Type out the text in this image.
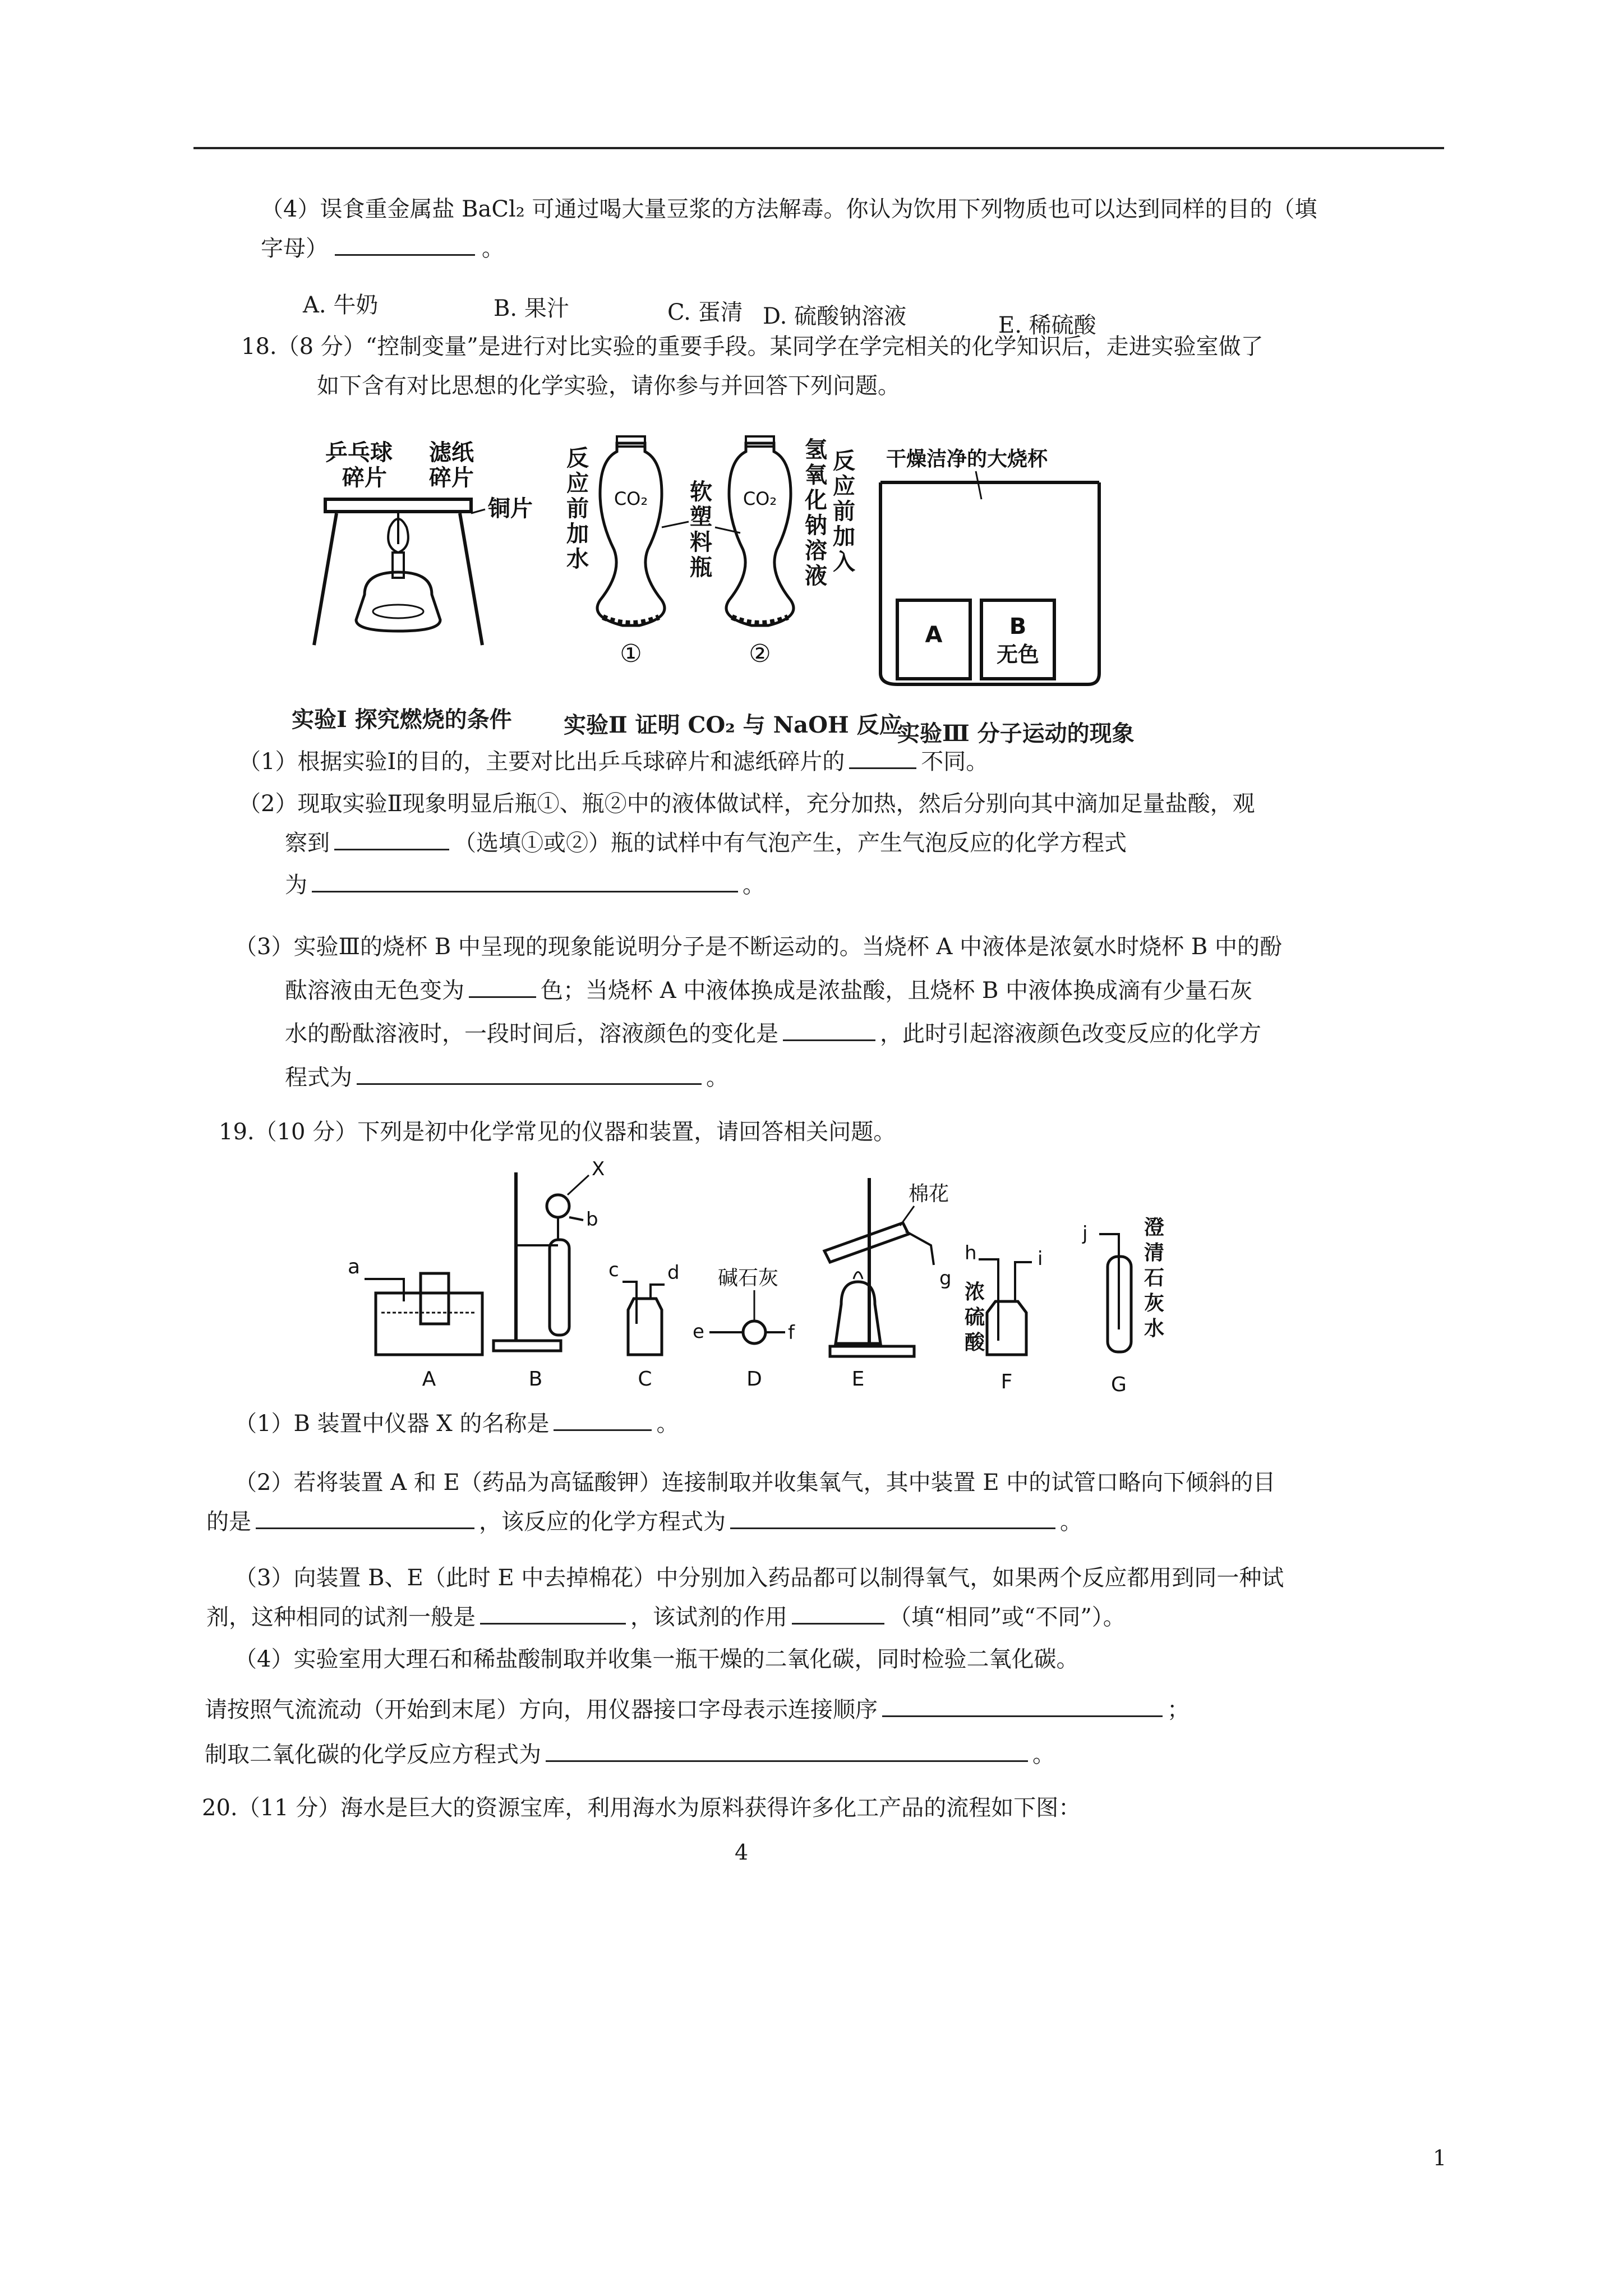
（4）误食重金属盐 BaCl₂ 可通过喝大量豆浆的方法解毒。你认为饮用下列物质也可以达到同样的目的（填
字母）	。
A. 牛奶	B. 果汁	C. 蛋清 D. 硫酸钠溶液	E. 稀硫酸
18.（8 分）“控制变量”是进行对比实验的重要手段。某同学在学完相关的化学知识后，走进实验室做了
如下含有对比思想的化学实验，请你参与并回答下列问题。
乒乓球
碎片
滤纸
碎片
铜片
反
应
前
加
水
CO₂
①
软
塑
料
瓶
CO₂
②
氢
氧
化
钠
溶
液
反
应
前
加
入
干燥洁净的大烧杯
A	B
无色
实验Ⅰ 探究燃烧的条件 实验Ⅱ 证明 CO₂ 与 NaOH 反应
实验Ⅲ 分子运动的现象
（1）根据实验Ⅰ的目的，主要对比出乒乓球碎片和滤纸碎片的	不同。
（2）现取实验Ⅱ现象明显后瓶①、瓶②中的液体做试样，充分加热，然后分别向其中滴加足量盐酸，观
察到	（选填①或②）瓶的试样中有气泡产生，产生气泡反应的化学方程式
为	。
（3）实验Ⅲ的烧杯 B 中呈现的现象能说明分子是不断运动的。当烧杯 A 中液体是浓氨水时烧杯 B 中的酚
酞溶液由无色变为	色；当烧杯 A 中液体换成是浓盐酸，且烧杯 B 中液体换成滴有少量石灰
水的酚酞溶液时，一段时间后，溶液颜色的变化是	，此时引起溶液颜色改变反应的化学方
程式为	。
19.（10 分）下列是初中化学常见的仪器和装置，请回答相关问题。
a
A
X
b
B
c	d
C
碱石灰
e	f
D
棉花
g
E
h	i
浓
硫
酸
F
j	澄
清
石
灰
水
G
（1）B 装置中仪器 X 的名称是	。
（2）若将装置 A 和 E（药品为高锰酸钾）连接制取并收集氧气，其中装置 E 中的试管口略向下倾斜的目
的是	，该反应的化学方程式为	。
（3）向装置 B、E（此时 E 中去掉棉花）中分别加入药品都可以制得氧气，如果两个反应都用到同一种试
剂，这种相同的试剂一般是	，该试剂的作用	（填“相同”或“不同”）。
（4）实验室用大理石和稀盐酸制取并收集一瓶干燥的二氧化碳，同时检验二氧化碳。
请按照气流流动（开始到末尾）方向，用仪器接口字母表示连接顺序	；
制取二氧化碳的化学反应方程式为	。
20.（11 分）海水是巨大的资源宝库，利用海水为原料获得许多化工产品的流程如下图：
4
1
